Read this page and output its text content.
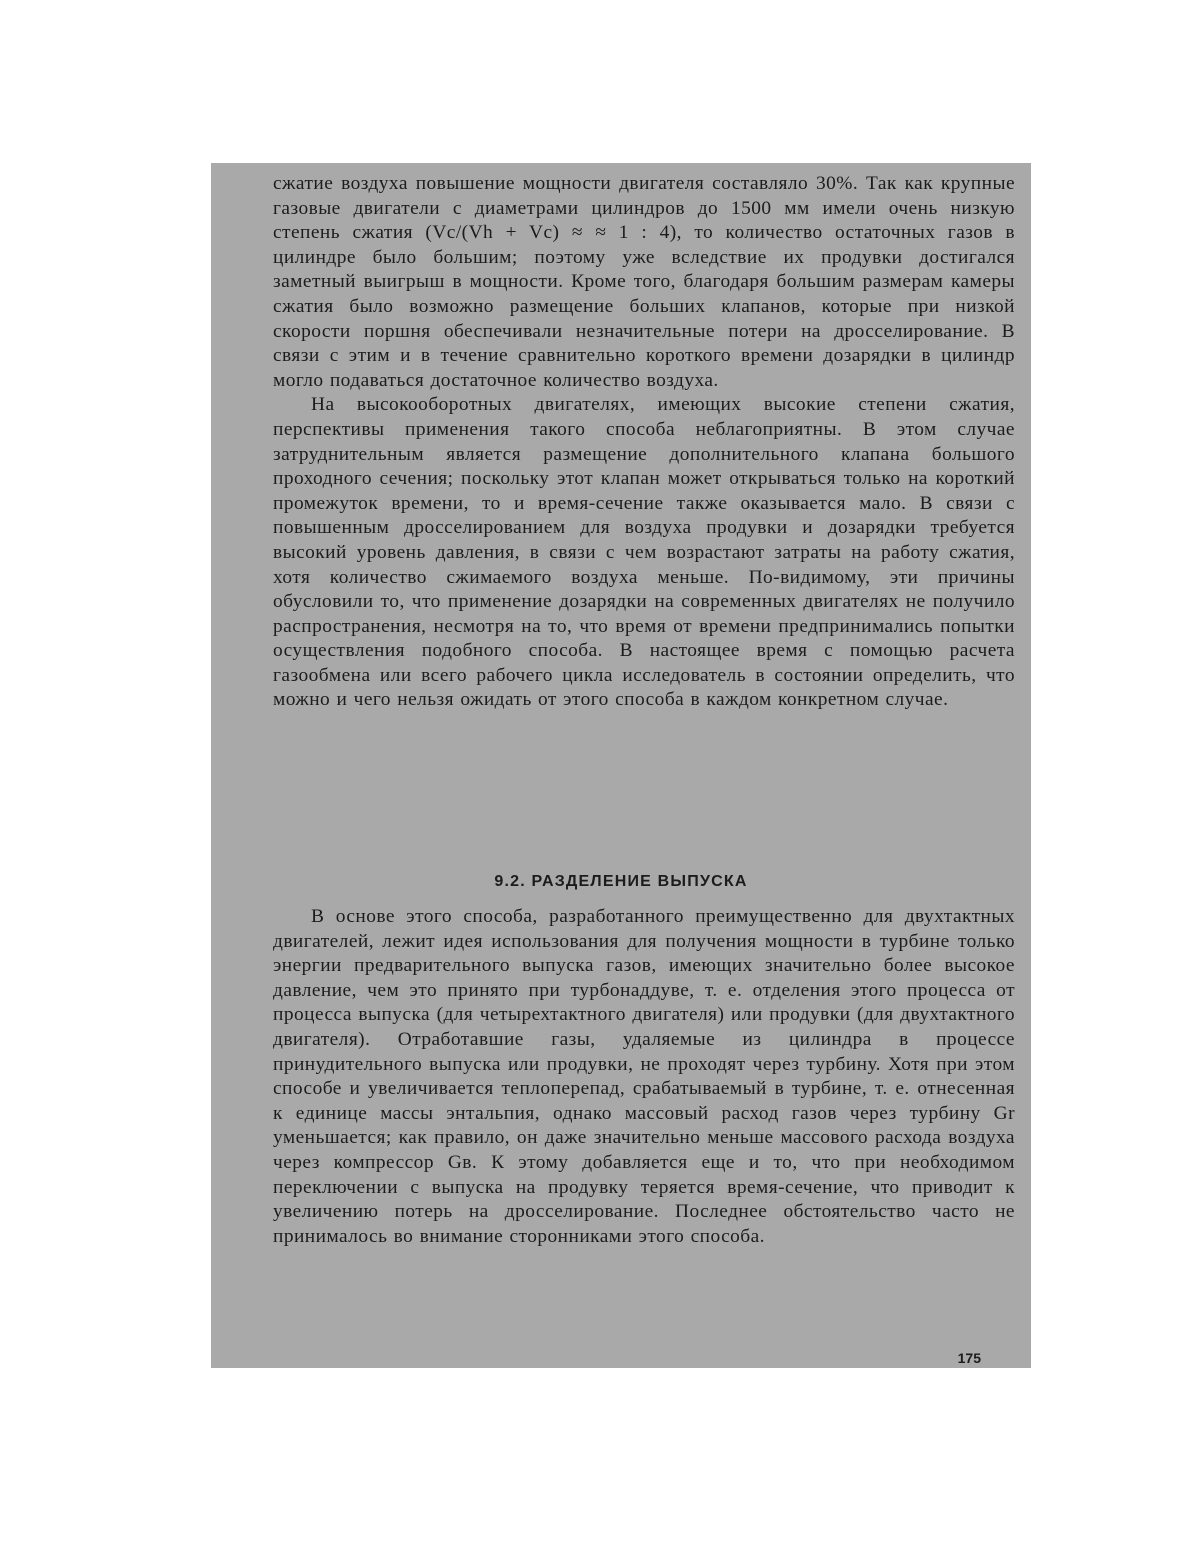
сжатие воздуха повышение мощности двигателя составляло 30%. Так как крупные газовые двигатели с диаметрами цилиндров до 1500 мм имели очень низкую степень сжатия (Vc/(Vh + Vc) ≈ ≈ 1 : 4), то количество остаточных газов в цилиндре было большим; поэтому уже вследствие их продувки достигался заметный выигрыш в мощности. Кроме того, благодаря большим размерам камеры сжатия было возможно размещение больших клапанов, которые при низкой скорости поршня обеспечивали незначительные потери на дросселирование. В связи с этим и в течение сравнительно короткого времени дозарядки в цилиндр могло подаваться достаточное количество воздуха.

На высокооборотных двигателях, имеющих высокие степени сжатия, перспективы применения такого способа неблагоприятны. В этом случае затруднительным является размещение дополнительного клапана большого проходного сечения; поскольку этот клапан может открываться только на короткий промежуток времени, то и время-сечение также оказывается мало. В связи с повышенным дросселированием для воздуха продувки и дозарядки требуется высокий уровень давления, в связи с чем возрастают затраты на работу сжатия, хотя количество сжимаемого воздуха меньше. По-видимому, эти причины обусловили то, что применение дозарядки на современных двигателях не получило распространения, несмотря на то, что время от времени предпринимались попытки осуществления подобного способа. В настоящее время с помощью расчета газообмена или всего рабочего цикла исследователь в состоянии определить, что можно и чего нельзя ожидать от этого способа в каждом конкретном случае.

9.2. РАЗДЕЛЕНИЕ ВЫПУСКА

В основе этого способа, разработанного преимущественно для двухтактных двигателей, лежит идея использования для получения мощности в турбине только энергии предварительного выпуска газов, имеющих значительно более высокое давление, чем это принято при турбонаддуве, т. е. отделения этого процесса от процесса выпуска (для четырехтактного двигателя) или продувки (для двухтактного двигателя). Отработавшие газы, удаляемые из цилиндра в процессе принудительного выпуска или продувки, не проходят через турбину. Хотя при этом способе и увеличивается теплоперепад, срабатываемый в турбине, т. е. отнесенная к единице массы энтальпия, однако массовый расход газов через турбину Gr уменьшается; как правило, он даже значительно меньше массового расхода воздуха через компрессор Gв. К этому добавляется еще и то, что при необходимом переключении с выпуска на продувку теряется время-сечение, что приводит к увеличению потерь на дросселирование. Последнее обстоятельство часто не принималось во внимание сторонниками этого способа.

175
